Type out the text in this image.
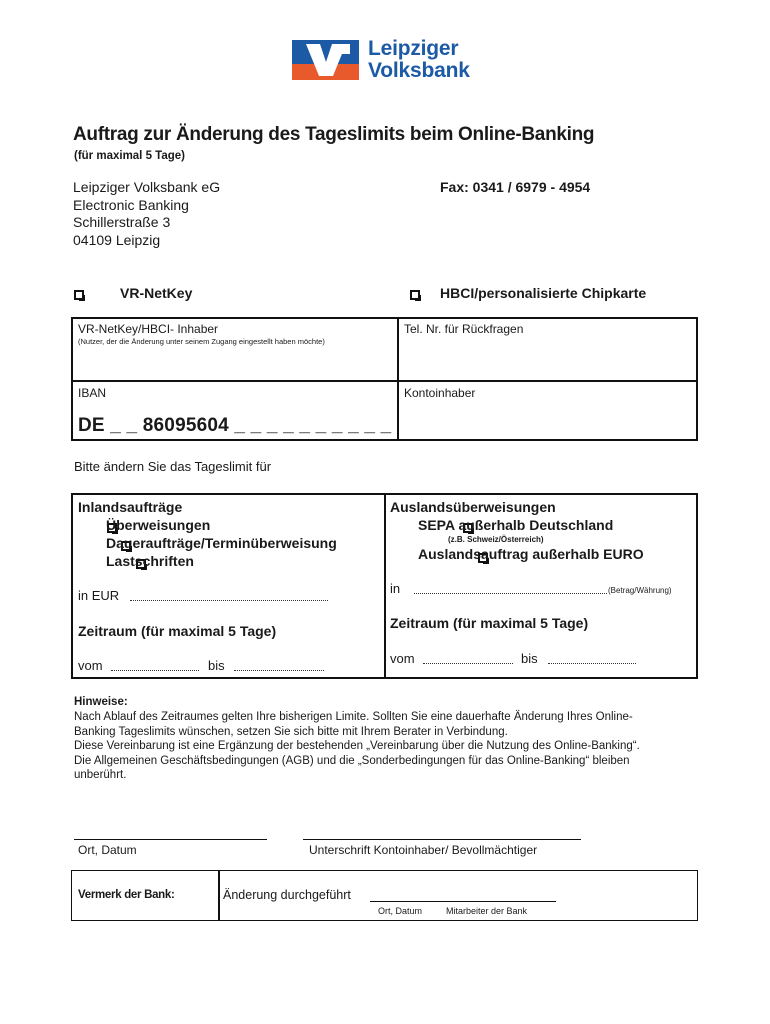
Leipziger
Volksbank
Auftrag zur Änderung des Tageslimits beim Online-Banking
(für maximal 5 Tage)
Leipziger Volksbank eG
Electronic Banking
Schillerstraße 3
04109 Leipzig
Fax: 0341 / 6979 - 4954

VR-NetKey
	HBCI/personalisierte Chipkarte
VR-NetKey/HBCI- Inhaber
(Nutzer, der die Änderung unter seinem Zugang eingestellt haben möchte)
Tel. Nr. für Rückfragen
IBAN
DE _ _ 86095604 _ _ _ _ _ _ _ _ _ _
Kontoinhaber
Bitte ändern Sie das Tageslimit für
Inlandsaufträge

Überweisungen

Daueraufträge/Terminüberweisung

Lastschriften
in EUR
Zeitraum (für maximal 5 Tage)
vom	bis
Auslandsüberweisungen

SEPA außerhalb Deutschland
(z.B. Schweiz/Österreich)
Auslandsauftrag außerhalb EURO
in	(Betrag/Währung)
Zeitraum (für maximal 5 Tage)
vom	bis
Hinweise:
Nach Ablauf des Zeitraumes gelten Ihre bisherigen Limite. Sollten Sie eine dauerhafte Änderung Ihres Online-
Banking Tageslimits wünschen, setzen Sie sich bitte mit Ihrem Berater in Verbindung.
Diese Vereinbarung ist eine Ergänzung der bestehenden „Vereinbarung über die Nutzung des Online-Banking“.
Die Allgemeinen Geschäftsbedingungen (AGB) und die „Sonderbedingungen für das Online-Banking“ bleiben
unberührt.
Ort, Datum	Unterschrift Kontoinhaber/ Bevollmächtiger
Vermerk der Bank:	Änderung durchgeführt
Ort, Datum	Mitarbeiter der Bank
